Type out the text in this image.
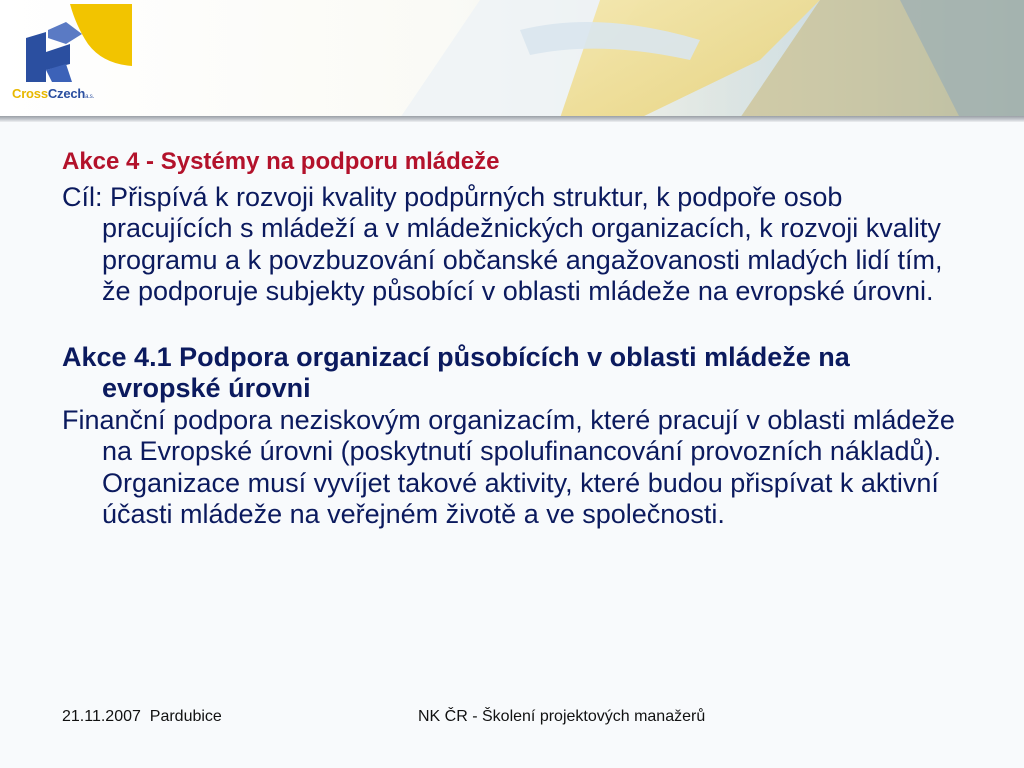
CrossCzecha.s.

Akce 4 - Systémy na podporu mládeže

Cíl: Přispívá k rozvoji kvality podpůrných struktur, k podpoře osob pracujících s mládeží a v mládežnických organizacích, k rozvoji kvality programu a k povzbuzování občanské angažovanosti mladých lidí tím, že podporuje subjekty působící v oblasti mládeže na evropské úrovni.

Akce 4.1 Podpora organizací působících v oblasti mládeže na evropské úrovni

Finanční podpora neziskovým organizacím, které pracují v oblasti mládeže na Evropské úrovni (poskytnutí spolufinancování provozních nákladů). Organizace musí vyvíjet takové aktivity, které budou přispívat k aktivní účasti mládeže na veřejném životě a ve společnosti.

21.11.2007  Pardubice	NK ČR - Školení projektových manažerů
